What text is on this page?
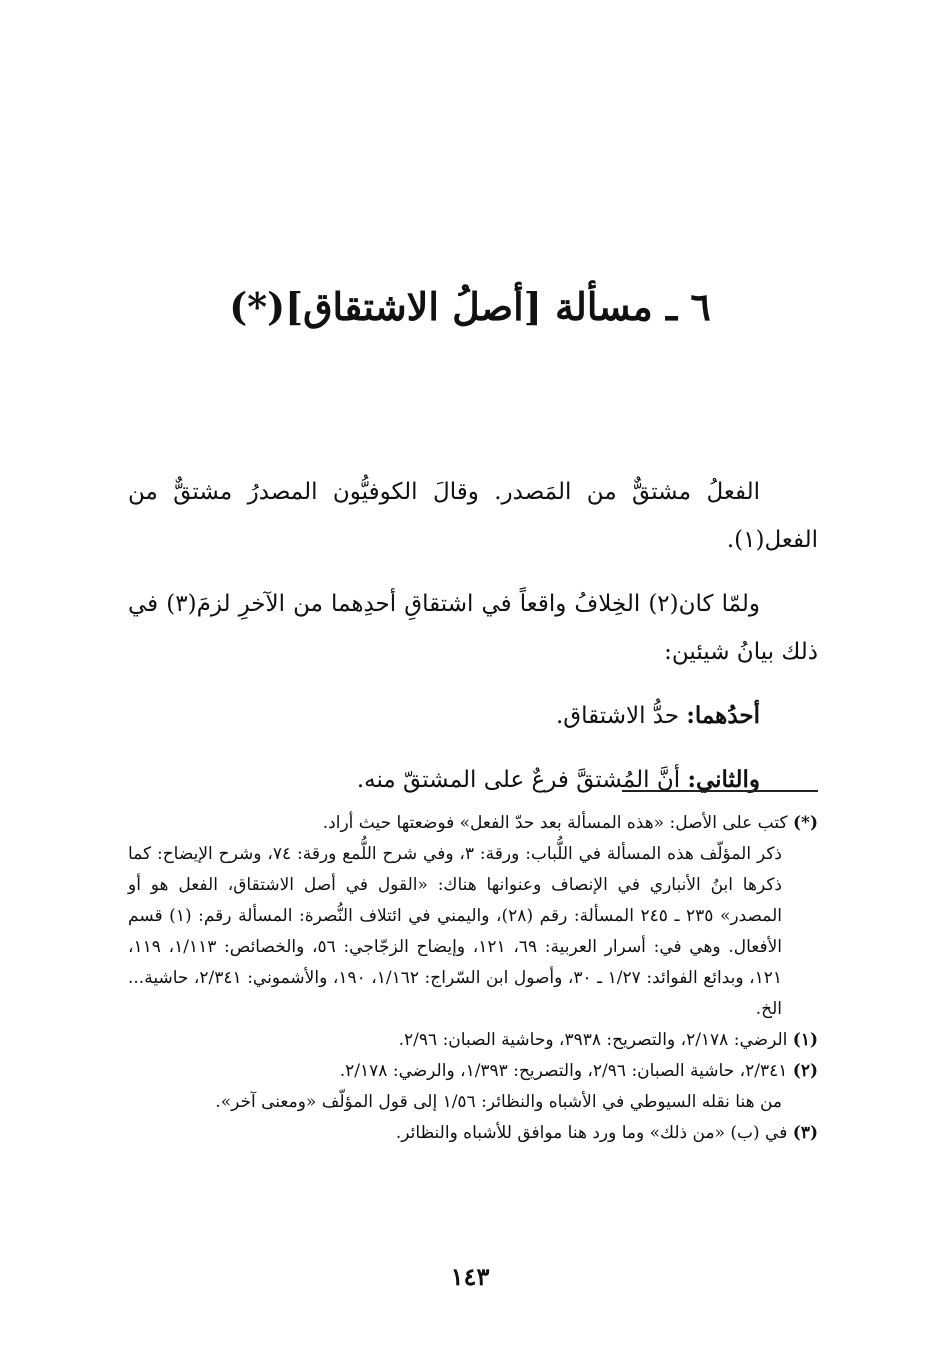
٦ ـ مسألة [أصلُ الاشتقاق](*)

الفعلُ مشتقٌّ من المَصدر. وقالَ الكوفيُّون المصدرُ مشتقٌّ من الفعل(١).

ولمّا كان(٢) الخِلافُ واقعاً في اشتقاقِ أحدِهما من الآخرِ لزمَ(٣) في ذلك بيانُ شيئين:

أحدُهما: حدُّ الاشتقاق.

والثاني: أنَّ المُشتقَّ فرعٌ على المشتقّ منه.

(*) كتب على الأصل: «هذه المسألة بعد حدّ الفعل» فوضعتها حيث أراد.

ذكر المؤلّف هذه المسألة في اللُّباب: ورقة: ٣، وفي شرح اللُّمع ورقة: ٧٤، وشرح الإيضاح: كما ذكرها ابنُ الأنباري في الإنصاف وعنوانها هناك: «القول في أصل الاشتقاق، الفعل هو أو المصدر» ٢٣٥ ـ ٢٤٥ المسألة: رقم (٢٨)، واليمني في ائتلاف النُّصرة: المسألة رقم: (١) قسم الأفعال. وهي في: أسرار العربية: ٦٩، ١٢١، وإيضاح الزجّاجي: ٥٦، والخصائص: ١/١١٣، ١١٩، ١٢١، وبدائع الفوائد: ١/٢٧ ـ ٣٠، وأصول ابن السّراج: ١/١٦٢، ١٩٠، والأشموني: ٢/٣٤١، حاشية... الخ.

(١) الرضي: ٢/١٧٨، والتصريح: ٣٩٣٨، وحاشية الصبان: ٢/٩٦.

(٢) ٢/٣٤١، حاشية الصبان: ٢/٩٦، والتصريح: ١/٣٩٣، والرضي: ٢/١٧٨.

من هنا نقله السيوطي في الأشباه والنظائر: ١/٥٦ إلى قول المؤلّف «ومعنى آخر».

(٣) في (ب) «من ذلك» وما ورد هنا موافق للأشباه والنظائر.

١٤٣
